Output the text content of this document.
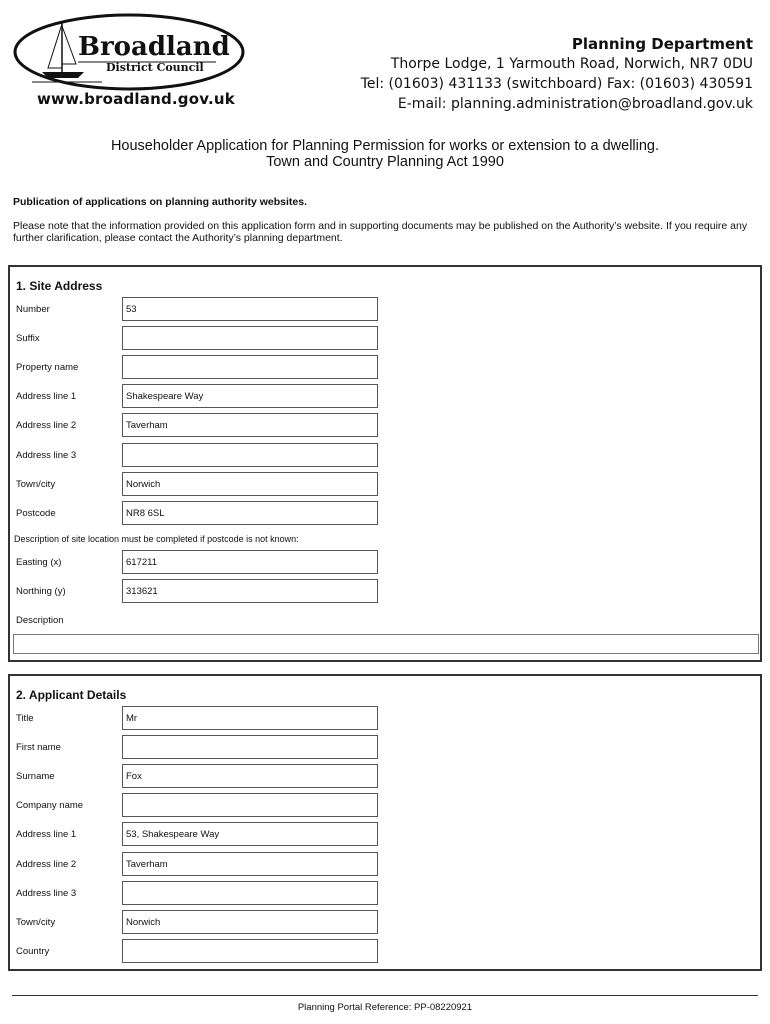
Broadland
District Council
www.broadland.gov.uk
Planning Department
Thorpe Lodge, 1 Yarmouth Road, Norwich, NR7 0DU
Tel: (01603) 431133 (switchboard) Fax: (01603) 430591
E-mail: planning.administration@broadland.gov.uk
Householder Application for Planning Permission for works or extension to a dwelling.
Town and Country Planning Act 1990
Publication of applications on planning authority websites.
Please note that the information provided on this application form and in supporting documents may be published on the Authority’s website. If you require any further clarification, please contact the Authority’s planning department.
1. Site Address
Number	53
Suffix
Property name
Address line 1	Shakespeare Way
Address line 2	Taverham
Address line 3
Town/city	Norwich
Postcode	NR8 6SL
Description of site location must be completed if postcode is not known:
Easting (x)	617211
Northing (y)	313621
Description
2. Applicant Details
Title	Mr
First name
Surname	Fox
Company name
Address line 1	53, Shakespeare Way
Address line 2	Taverham
Address line 3
Town/city	Norwich
Country
Planning Portal Reference: PP-08220921
